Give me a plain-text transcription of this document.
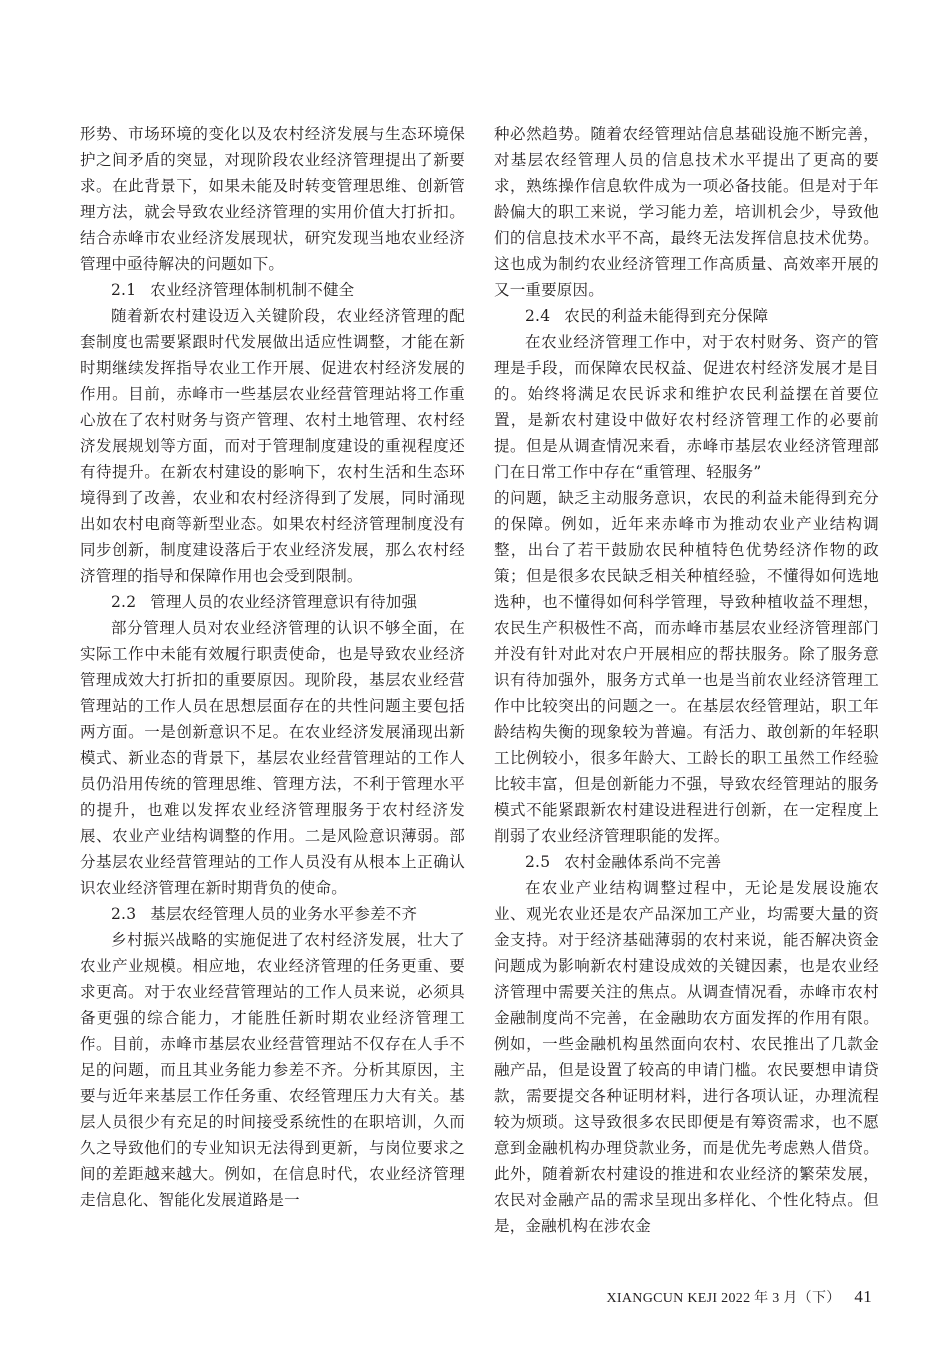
形势、市场环境的变化以及农村经济发展与生态环境保护之间矛盾的突显，对现阶段农业经济管理提出了新要求。在此背景下，如果未能及时转变管理思维、创新管理方法，就会导致农业经济管理的实用价值大打折扣。结合赤峰市农业经济发展现状，研究发现当地农业经济管理中亟待解决的问题如下。

2.1 农业经济管理体制机制不健全

随着新农村建设迈入关键阶段，农业经济管理的配套制度也需要紧跟时代发展做出适应性调整，才能在新时期继续发挥指导农业工作开展、促进农村经济发展的作用。目前，赤峰市一些基层农业经营管理站将工作重心放在了农村财务与资产管理、农村土地管理、农村经济发展规划等方面，而对于管理制度建设的重视程度还有待提升。在新农村建设的影响下，农村生活和生态环境得到了改善，农业和农村经济得到了发展，同时涌现出如农村电商等新型业态。如果农村经济管理制度没有同步创新，制度建设落后于农业经济发展，那么农村经济管理的指导和保障作用也会受到限制。

2.2 管理人员的农业经济管理意识有待加强

部分管理人员对农业经济管理的认识不够全面，在实际工作中未能有效履行职责使命，也是导致农业经济管理成效大打折扣的重要原因。现阶段，基层农业经营管理站的工作人员在思想层面存在的共性问题主要包括两方面。一是创新意识不足。在农业经济发展涌现出新模式、新业态的背景下，基层农业经营管理站的工作人员仍沿用传统的管理思维、管理方法，不利于管理水平的提升，也难以发挥农业经济管理服务于农村经济发展、农业产业结构调整的作用。二是风险意识薄弱。部分基层农业经营管理站的工作人员没有从根本上正确认识农业经济管理在新时期背负的使命。

2.3 基层农经管理人员的业务水平参差不齐

乡村振兴战略的实施促进了农村经济发展，壮大了农业产业规模。相应地，农业经济管理的任务更重、要求更高。对于农业经营管理站的工作人员来说，必须具备更强的综合能力，才能胜任新时期农业经济管理工作。目前，赤峰市基层农业经营管理站不仅存在人手不足的问题，而且其业务能力参差不齐。分析其原因，主要与近年来基层工作任务重、农经管理压力大有关。基层人员很少有充足的时间接受系统性的在职培训，久而久之导致他们的专业知识无法得到更新，与岗位要求之间的差距越来越大。例如，在信息时代，农业经济管理走信息化、智能化发展道路是一

种必然趋势。随着农经管理站信息基础设施不断完善，对基层农经管理人员的信息技术水平提出了更高的要求，熟练操作信息软件成为一项必备技能。但是对于年龄偏大的职工来说，学习能力差，培训机会少，导致他们的信息技术水平不高，最终无法发挥信息技术优势。这也成为制约农业经济管理工作高质量、高效率开展的又一重要原因。

2.4 农民的利益未能得到充分保障

在农业经济管理工作中，对于农村财务、资产的管理是手段，而保障农民权益、促进农村经济发展才是目的。始终将满足农民诉求和维护农民利益摆在首要位置，是新农村建设中做好农村经济管理工作的必要前提。但是从调查情况来看，赤峰市基层农业经济管理部门在日常工作中存在“重管理、轻服务”

的问题，缺乏主动服务意识，农民的利益未能得到充分的保障。例如，近年来赤峰市为推动农业产业结构调整，出台了若干鼓励农民种植特色优势经济作物的政策；但是很多农民缺乏相关种植经验，不懂得如何选地选种，也不懂得如何科学管理，导致种植收益不理想，农民生产积极性不高，而赤峰市基层农业经济管理部门并没有针对此对农户开展相应的帮扶服务。除了服务意识有待加强外，服务方式单一也是当前农业经济管理工作中比较突出的问题之一。在基层农经管理站，职工年龄结构失衡的现象较为普遍。有活力、敢创新的年轻职工比例较小，很多年龄大、工龄长的职工虽然工作经验比较丰富，但是创新能力不强，导致农经管理站的服务模式不能紧跟新农村建设进程进行创新，在一定程度上削弱了农业经济管理职能的发挥。

2.5 农村金融体系尚不完善

在农业产业结构调整过程中，无论是发展设施农业、观光农业还是农产品深加工产业，均需要大量的资金支持。对于经济基础薄弱的农村来说，能否解决资金问题成为影响新农村建设成效的关键因素，也是农业经济管理中需要关注的焦点。从调查情况看，赤峰市农村金融制度尚不完善，在金融助农方面发挥的作用有限。例如，一些金融机构虽然面向农村、农民推出了几款金融产品，但是设置了较高的申请门槛。农民要想申请贷款，需要提交各种证明材料，进行各项认证，办理流程较为烦琐。这导致很多农民即便是有筹资需求，也不愿意到金融机构办理贷款业务，而是优先考虑熟人借贷。此外，随着新农村建设的推进和农业经济的繁荣发展，农民对金融产品的需求呈现出多样化、个性化特点。但是，金融机构在涉农金

XIANGCUN KEJI 2022 年 3 月（下） 41
